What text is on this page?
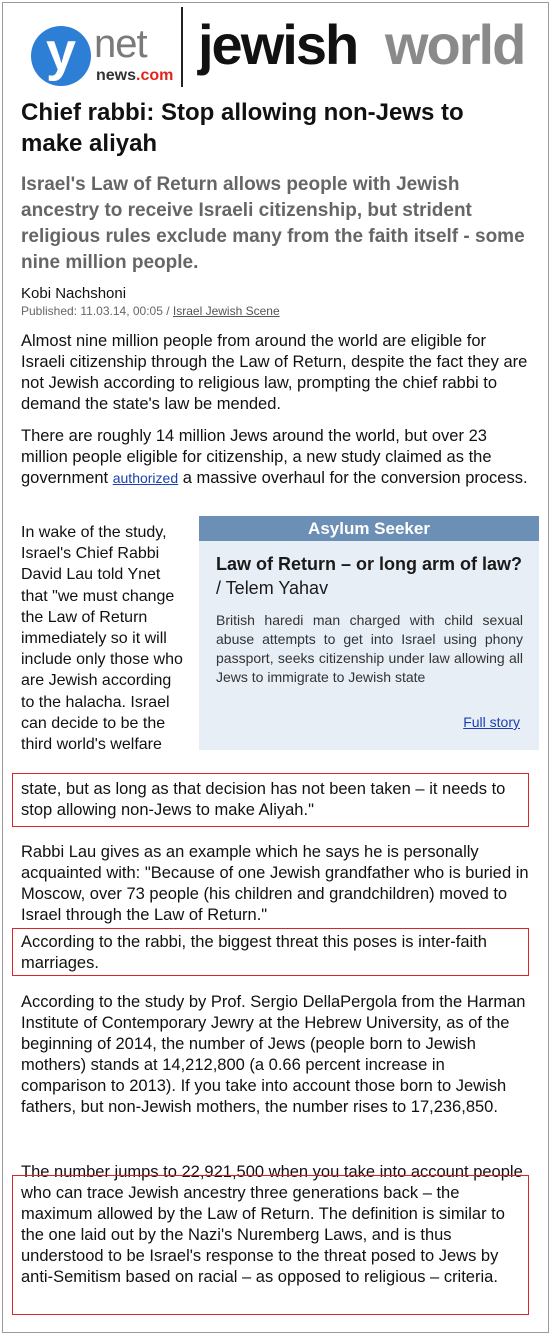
y net
news.com jewish world
Chief rabbi: Stop allowing non-Jews to make aliyah

Israel's Law of Return allows people with Jewish ancestry to receive Israeli citizenship, but strident religious rules exclude many from the faith itself - some nine million people.

Kobi Nachshoni
Published: 11.03.14, 00:05 / Israel Jewish Scene

Almost nine million people from around the world are eligible for Israeli citizenship through the Law of Return, despite the fact they are not Jewish according to religious law, prompting the chief rabbi to demand the state's law be mended.

There are roughly 14 million Jews around the world, but over 23 million people eligible for citizenship, a new study claimed as the government authorized a massive overhaul for the conversion process.

In wake of the study, Israel's Chief Rabbi David Lau told Ynet that "we must change the Law of Return immediately so it will include only those who are Jewish according to the halacha. Israel can decide to be the third world's welfare
Asylum Seeker
Law of Return – or long arm of law? / Telem Yahav
British haredi man charged with child sexual abuse attempts to get into Israel using phony passport, seeks citizenship under law allowing all Jews to immigrate to Jewish state
Full story

state, but as long as that decision has not been taken – it needs to stop allowing non-Jews to make Aliyah."

Rabbi Lau gives as an example which he says he is personally acquainted with: "Because of one Jewish grandfather who is buried in Moscow, over 73 people (his children and grandchildren) moved to Israel through the Law of Return."

According to the rabbi, the biggest threat this poses is inter-faith marriages.

According to the study by Prof. Sergio DellaPergola from the Harman Institute of Contemporary Jewry at the Hebrew University, as of the beginning of 2014, the number of Jews (people born to Jewish mothers) stands at 14,212,800 (a 0.66 percent increase in comparison to 2013). If you take into account those born to Jewish fathers, but non-Jewish mothers, the number rises to 17,236,850.

The number jumps to 22,921,500 when you take into account people who can trace Jewish ancestry three generations back – the maximum allowed by the Law of Return. The definition is similar to the one laid out by the Nazi's Nuremberg Laws, and is thus understood to be Israel's response to the threat posed to Jews by anti-Semitism based on racial – as opposed to religious – criteria.
